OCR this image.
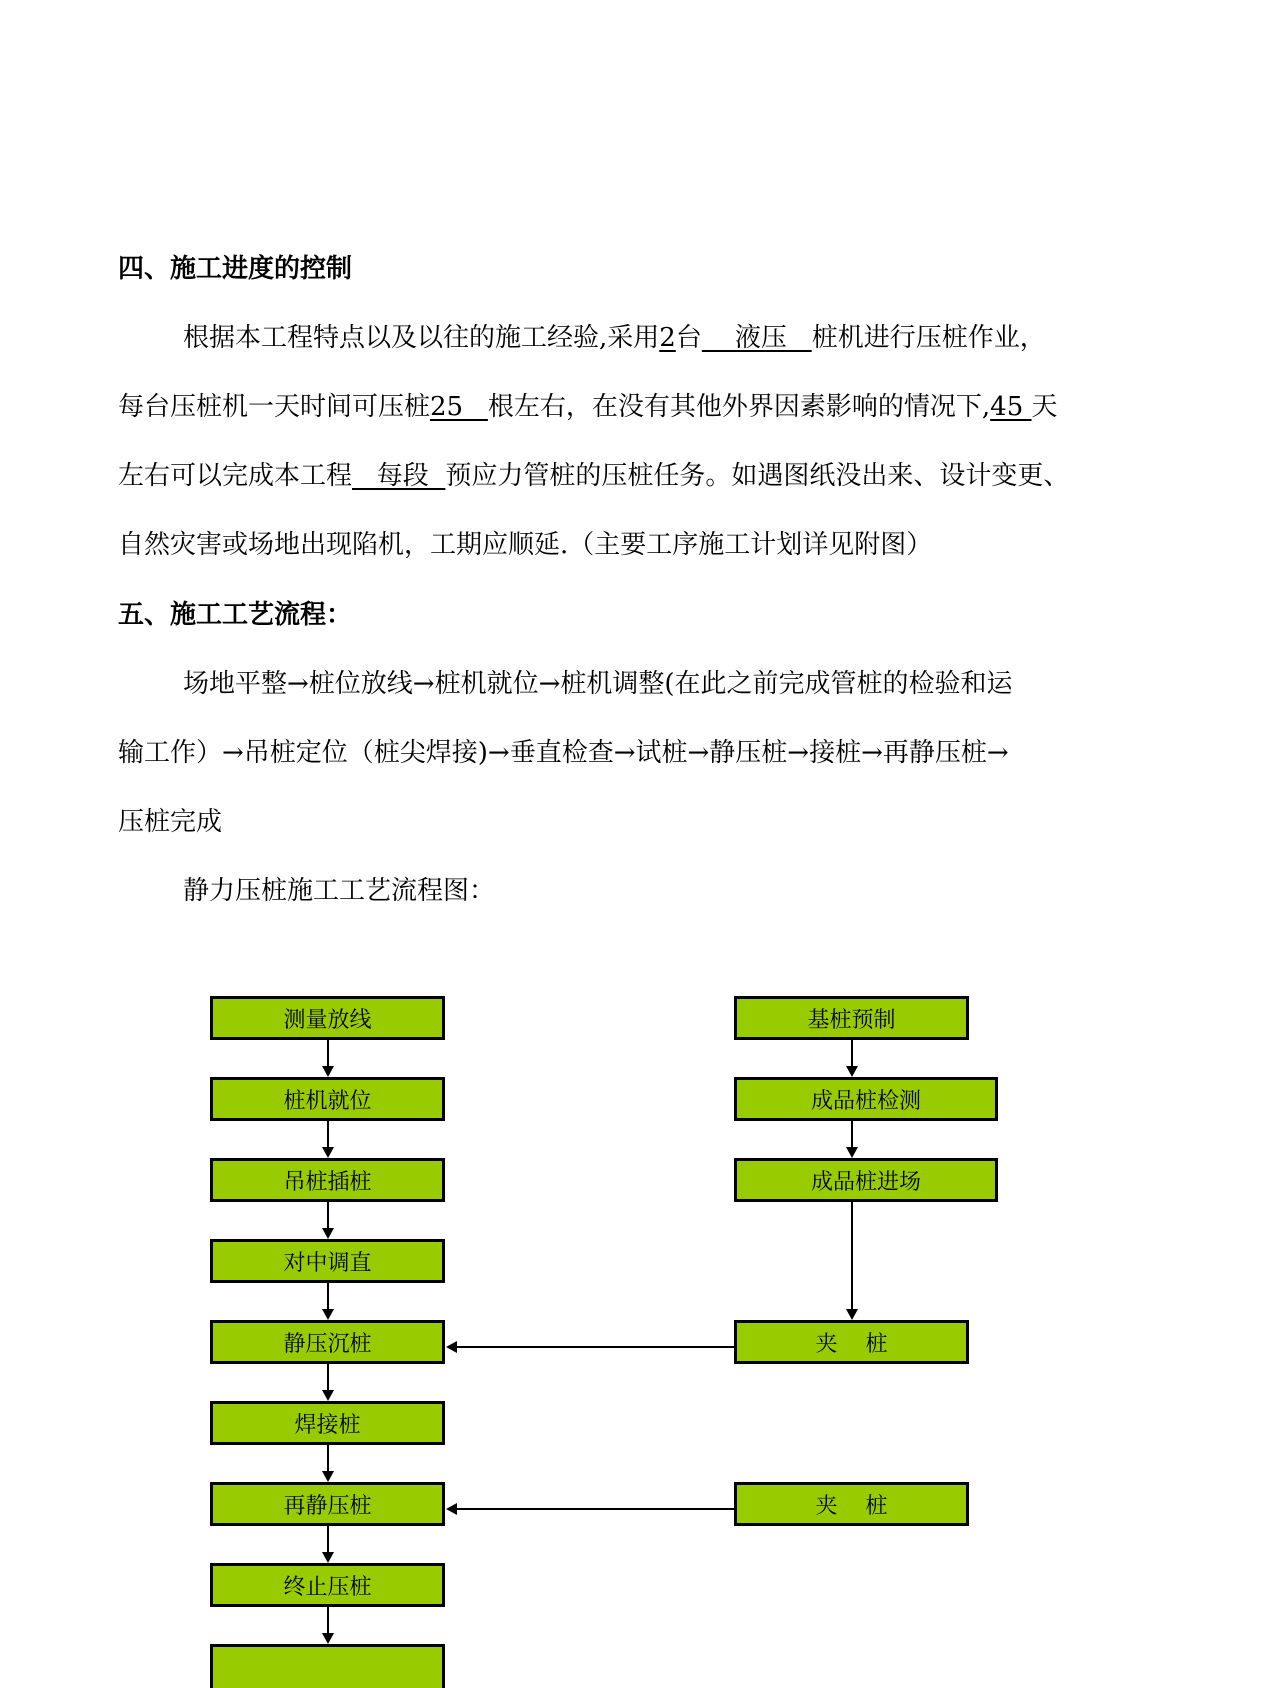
四、施工进度的控制
根据本工程特点以及以往的施工经验,采用2台    液压   桩机进行压桩作业，
每台压桩机一天时间可压桩25   根左右，在没有其他外界因素影响的情况下,45 天
左右可以完成本工程   每段  预应力管桩的压桩任务。如遇图纸没出来、设计变更、
自然灾害或场地出现陷机，工期应顺延.（主要工序施工计划详见附图）
五、施工工艺流程：
场地平整→桩位放线→桩机就位→桩机调整(在此之前完成管桩的检验和运
输工作）→吊桩定位（桩尖焊接)→垂直检查→试桩→静压桩→接桩→再静压桩→
压桩完成
静力压桩施工工艺流程图：
测量放线
桩机就位
吊桩插桩
对中调直
静压沉桩
焊接桩
再静压桩
终止压桩
基桩预制
成品桩检测
成品桩进场
夹    桩
夹    桩
